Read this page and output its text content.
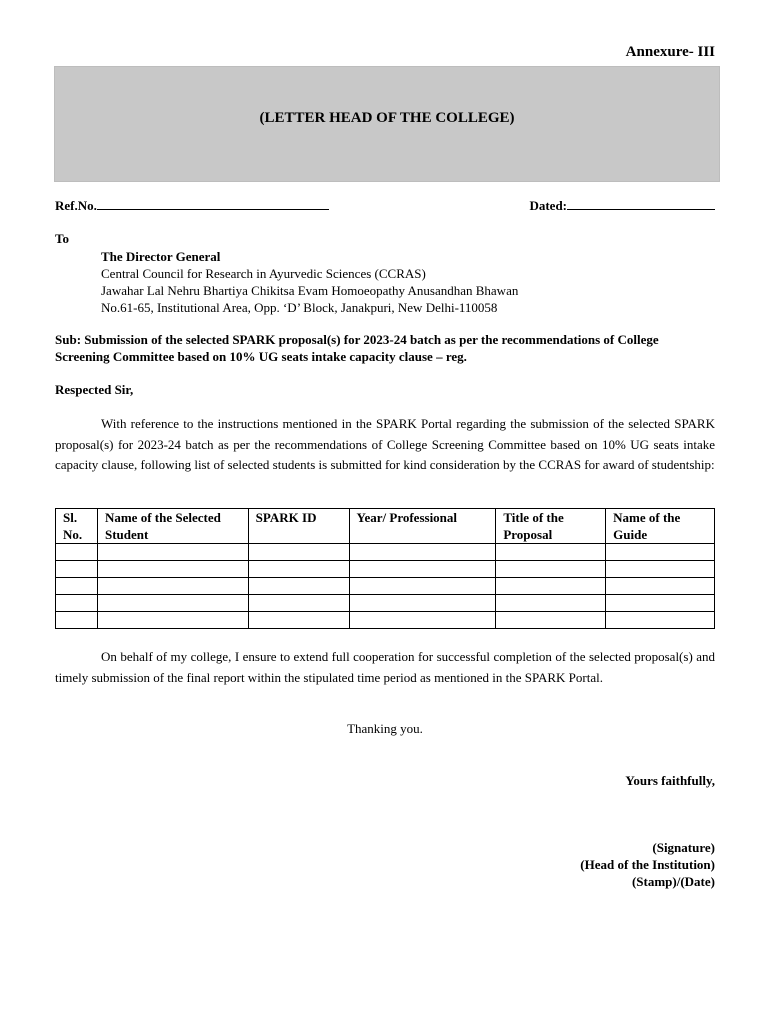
Annexure- III
(LETTER HEAD OF THE COLLEGE)
Ref.No.	Dated:
To
The Director General
Central Council for Research in Ayurvedic Sciences (CCRAS)
Jawahar Lal Nehru Bhartiya Chikitsa Evam Homoeopathy Anusandhan Bhawan
No.61-65, Institutional Area, Opp. ‘D’ Block, Janakpuri, New Delhi-110058
Sub: Submission of the selected SPARK proposal(s) for 2023-24 batch as per the recommendations of College Screening Committee based on 10% UG seats intake capacity clause – reg.
Respected Sir,
With reference to the instructions mentioned in the SPARK Portal regarding the submission of the selected SPARK proposal(s) for 2023-24 batch as per the recommendations of College Screening Committee based on 10% UG seats intake capacity clause, following list of selected students is submitted for kind consideration by the CCRAS for award of studentship:
Sl. No.	Name of the Selected Student	SPARK ID	Year/ Professional	Title of the Proposal	Name of the Guide

On behalf of my college, I ensure to extend full cooperation for successful completion of the selected proposal(s) and timely submission of the final report within the stipulated time period as mentioned in the SPARK Portal.
Thanking you.
Yours faithfully,
(Signature)
(Head of the Institution)
(Stamp)/(Date)
